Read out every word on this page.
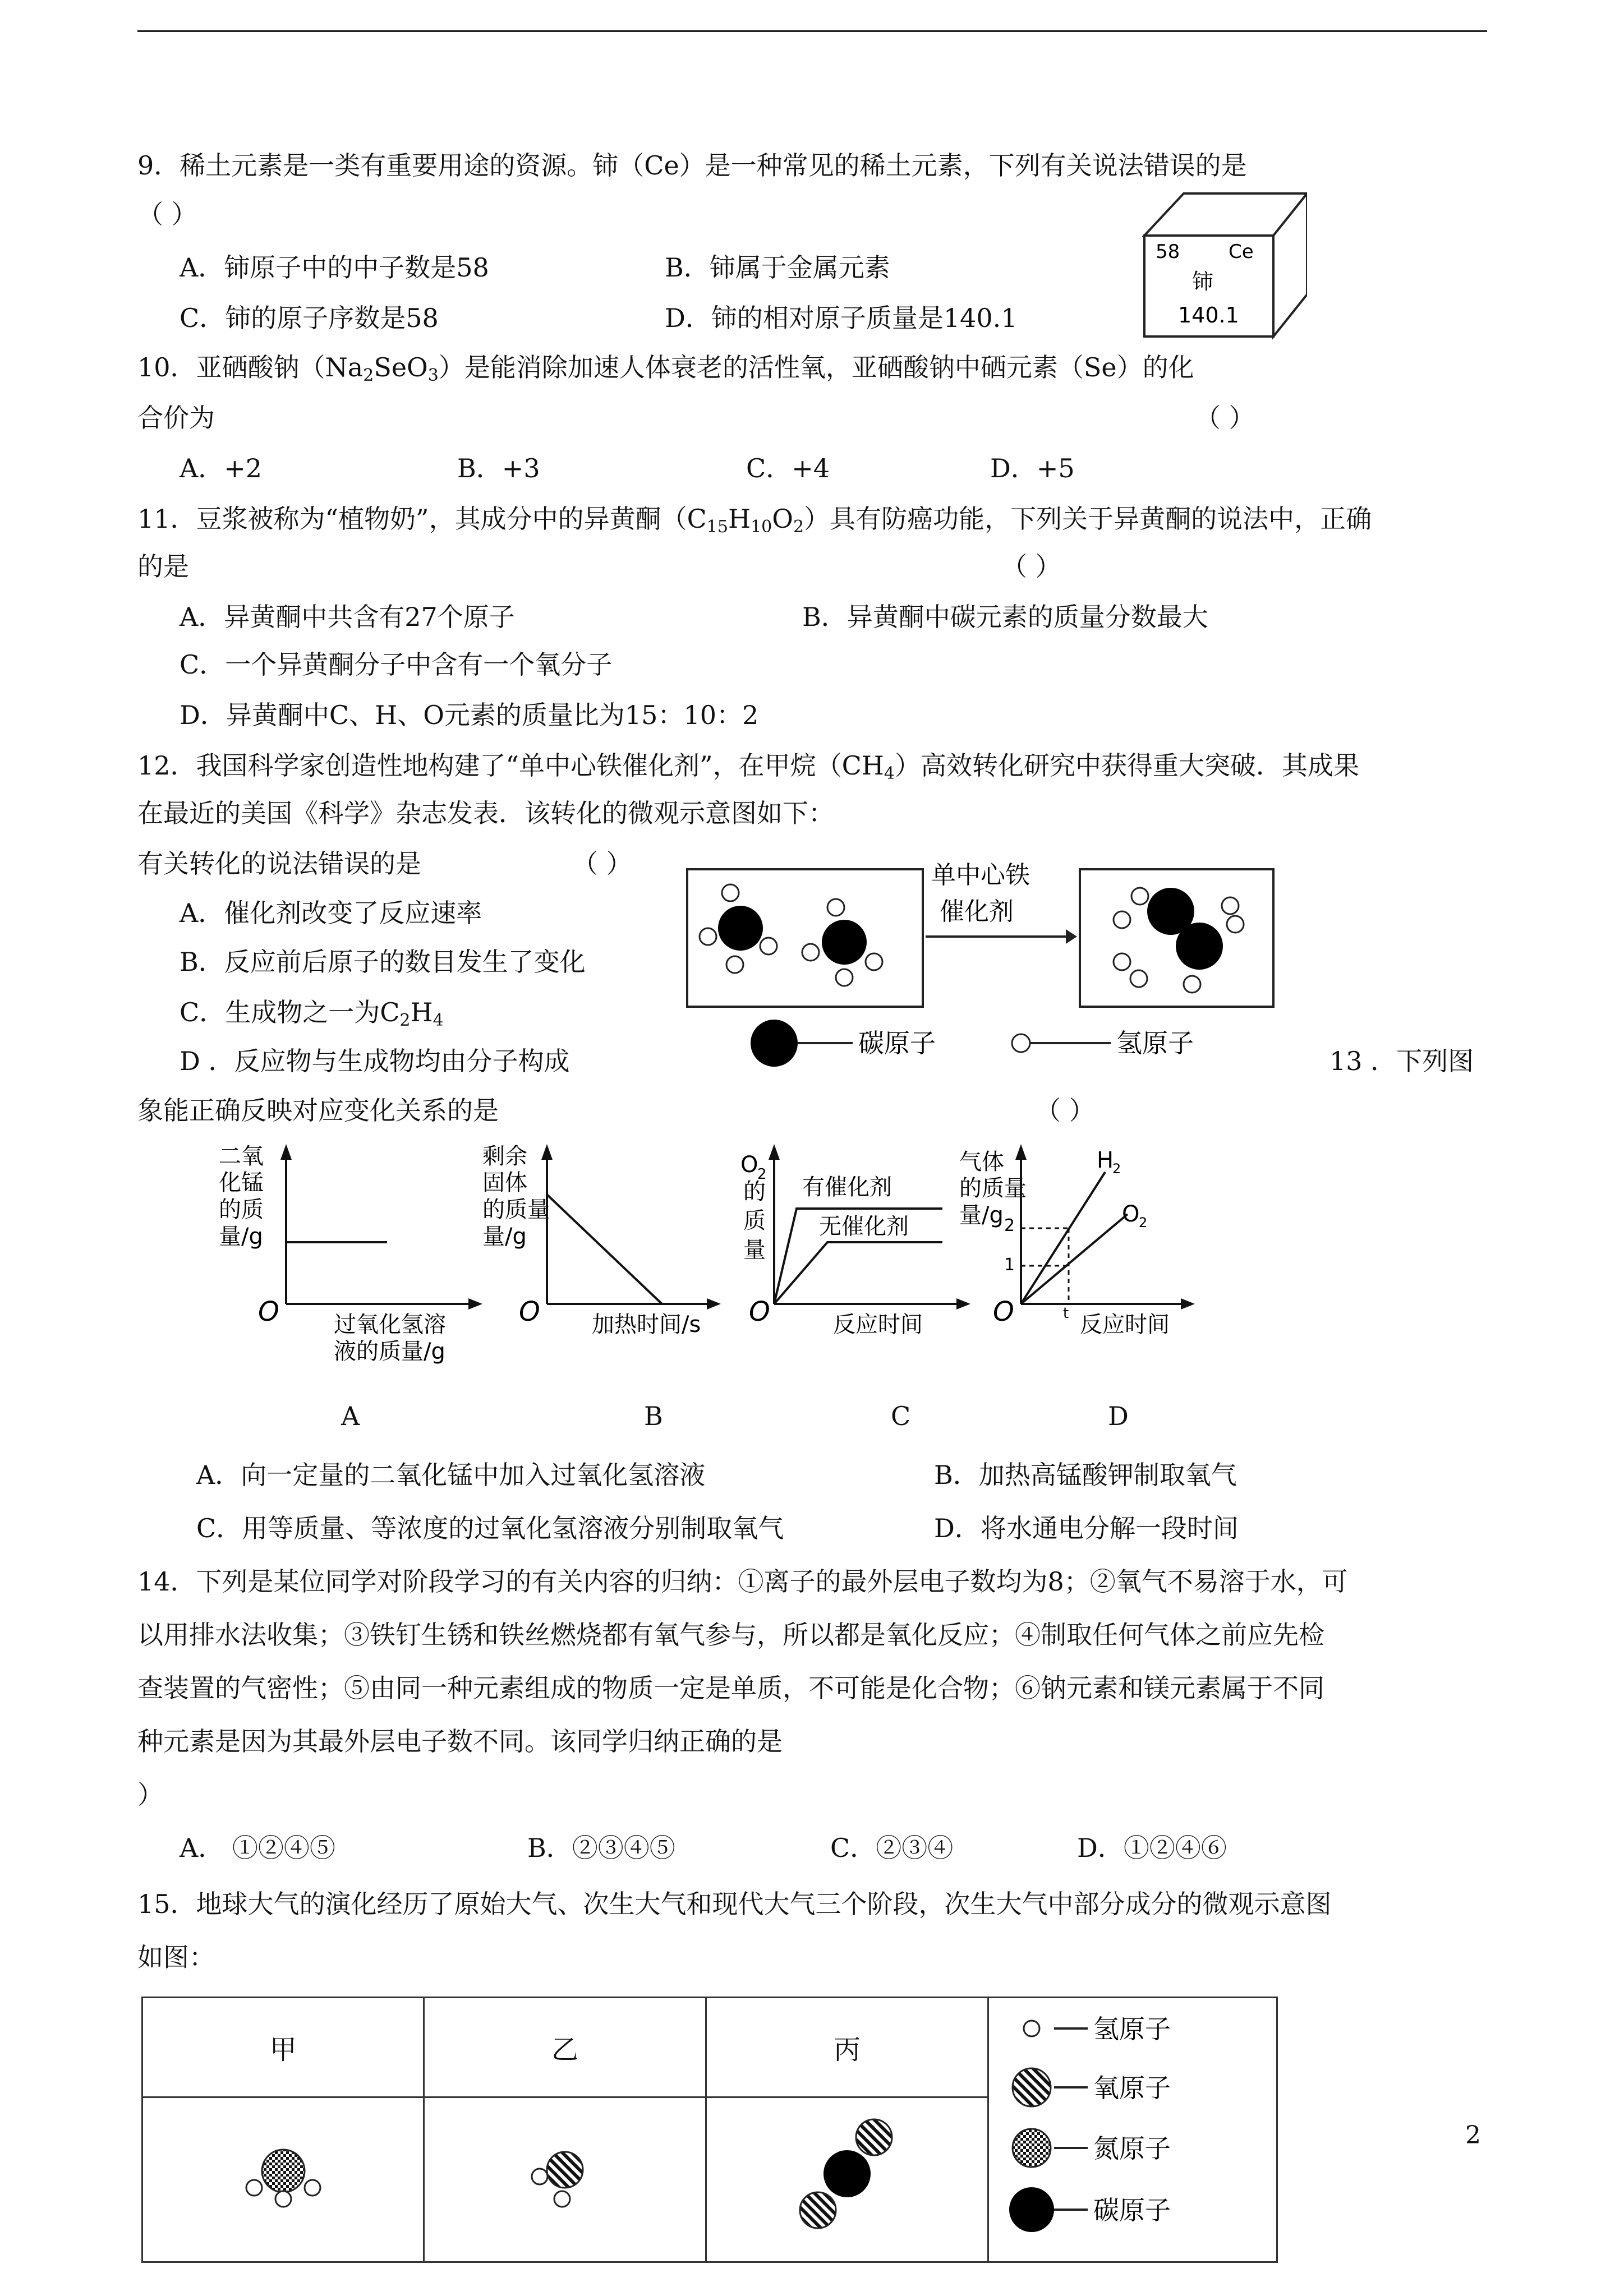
9．稀土元素是一类有重要用途的资源。铈（Ce）是一种常见的稀土元素，下列有关说法错误的是
（ ）
A．铈原子中的中子数是58	B．铈属于金属元素
C．铈的原子序数是58	D．铈的相对原子质量是140.1
58	Ce
铈
140.1
10．亚硒酸钠$(Na_2SeO_3)$是能消除加速人体衰老的活性氧，亚硒酸钠中硒元素（Se）的化
合价为	（ ）
A．+2	B．+3	C．+4	D．+5
11．豆浆被称为“植物奶”，其成分中的异黄酮$(C_{15}H_{10}O_2)$具有防癌功能，下列关于异黄酮的说法中，正确
的是	（ ）
A．异黄酮中共含有27个原子	B．异黄酮中碳元素的质量分数最大
C．一个异黄酮分子中含有一个氧分子
D．异黄酮中C、H、O元素的质量比为15：10：2
12．我国科学家创造性地构建了“单中心铁催化剂”，在甲烷$(CH_4)$高效转化研究中获得重大突破．其成果
在最近的美国《科学》杂志发表．该转化的微观示意图如下：
有关转化的说法错误的是	（ ）
A．催化剂改变了反应速率
B．反应前后原子的数目发生了变化
C．生成物之一为$C_2H_4$
D ．反应物与生成物均由分子构成
单中心铁
催化剂
碳原子	氢原子
13 ．下列图
象能正确反映对应变化关系的是	（ ）
二氧
化锰
的质
量/g
O 过氧化氢溶
液的质量/g
A
剩余
固体
的质量
量/g
O 加热时间/s
B
O
2
的
质
量
有催化剂
无催化剂
O	反应时间
C
气体
的质量
量/g 2
1
t
H
2
O
2
O	反应时间
D
A．向一定量的二氧化锰中加入过氧化氢溶液	B．加热高锰酸钾制取氧气
C．用等质量、等浓度的过氧化氢溶液分别制取氧气	D．将水通电分解一段时间
14．下列是某位同学对阶段学习的有关内容的归纳：①离子的最外层电子数均为8；②氧气不易溶于水，可
以用排水法收集；③铁钉生锈和铁丝燃烧都有氧气参与，所以都是氧化反应；④制取任何气体之前应先检
查装置的气密性；⑤由同一种元素组成的物质一定是单质，不可能是化合物；⑥钠元素和镁元素属于不同
种元素是因为其最外层电子数不同。该同学归纳正确的是
）
A． ①②④⑤	B．②③④⑤	C．②③④	D．①②④⑥
15．地球大气的演化经历了原始大气、次生大气和现代大气三个阶段，次生大气中部分成分的微观示意图
如图：
甲	乙	丙	氢原子
氧原子
氮原子
碳原子

2
